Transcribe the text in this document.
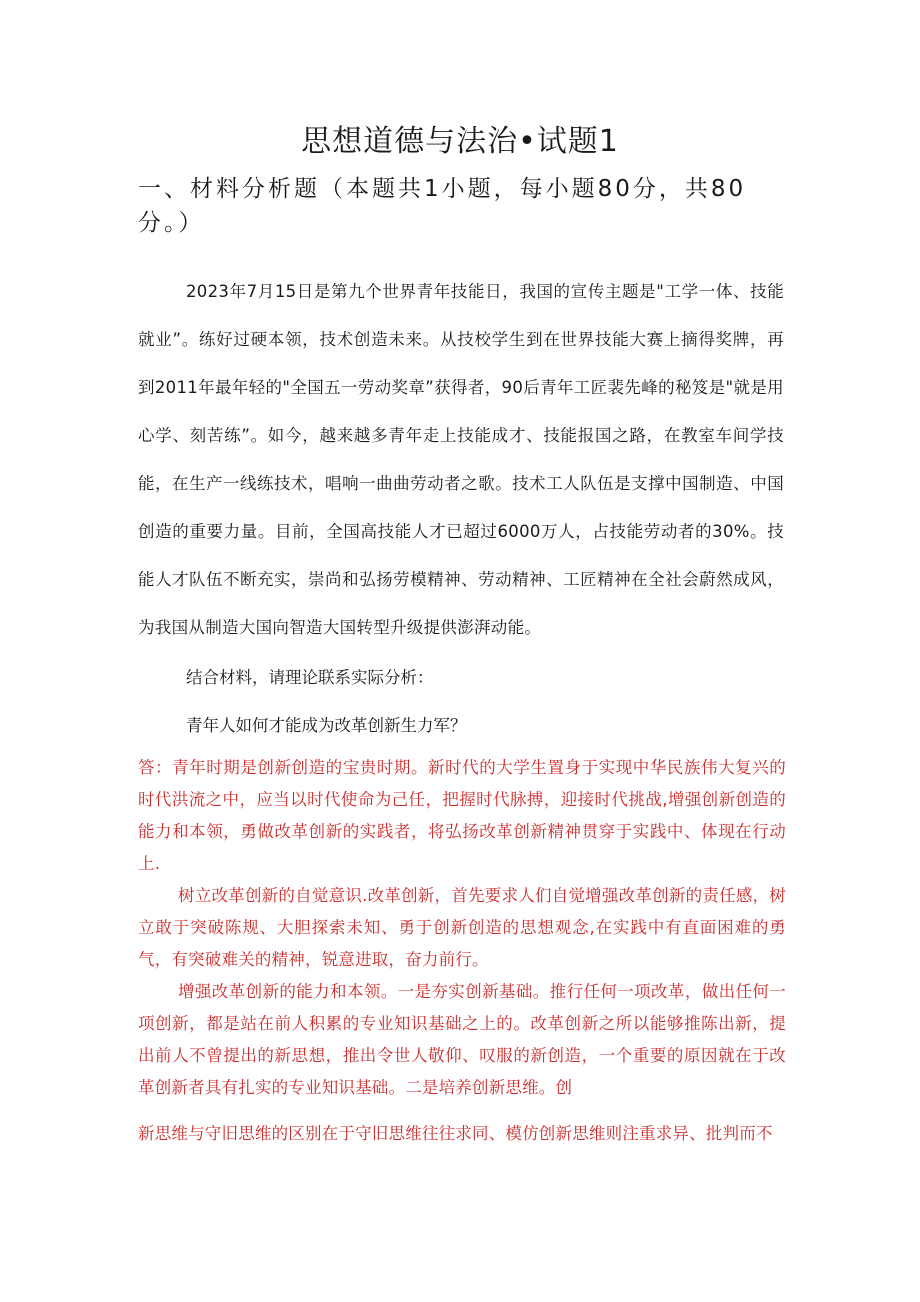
思想道德与法治•试题1
一、材料分析题（本题共1小题，每小题80分，共80分。）

2023年7月15日是第九个世界青年技能日，我国的宣传主题是"工学一体、技能就业”。练好过硬本领，技术创造未来。从技校学生到在世界技能大赛上摘得奖牌，再到2011年最年轻的"全国五一劳动奖章”获得者，90后青年工匠裴先峰的秘笈是"就是用心学、刻苦练”。如今，越来越多青年走上技能成才、技能报国之路，在教室车间学技能，在生产一线练技术，唱响一曲曲劳动者之歌。技术工人队伍是支撑中国制造、中国创造的重要力量。目前，全国高技能人才已超过6000万人，占技能劳动者的30%。技能人才队伍不断充实，崇尚和弘扬劳模精神、劳动精神、工匠精神在全社会蔚然成风，为我国从制造大国向智造大国转型升级提供澎湃动能。

结合材料，请理论联系实际分析：

青年人如何才能成为改革创新生力军？

答：青年时期是创新创造的宝贵时期。新时代的大学生置身于实现中华民族伟大复兴的时代洪流之中，应当以时代使命为己任，把握时代脉搏，迎接时代挑战,增强创新创造的能力和本领，勇做改革创新的实践者，将弘扬改革创新精神贯穿于实践中、体现在行动上.

树立改革创新的自觉意识.改革创新，首先要求人们自觉增强改革创新的责任感，树立敢于突破陈规、大胆探索未知、勇于创新创造的思想观念,在实践中有直面困难的勇气，有突破难关的精神，锐意进取，奋力前行。

增强改革创新的能力和本领。一是夯实创新基础。推行任何一项改革，做出任何一项创新，都是站在前人积累的专业知识基础之上的。改革创新之所以能够推陈出新，提出前人不曾提出的新思想，推出令世人敬仰、叹服的新创造，一个重要的原因就在于改革创新者具有扎实的专业知识基础。二是培养创新思维。创

新思维与守旧思维的区别在于守旧思维往往求同、模仿创新思维则注重求异、批判而不
